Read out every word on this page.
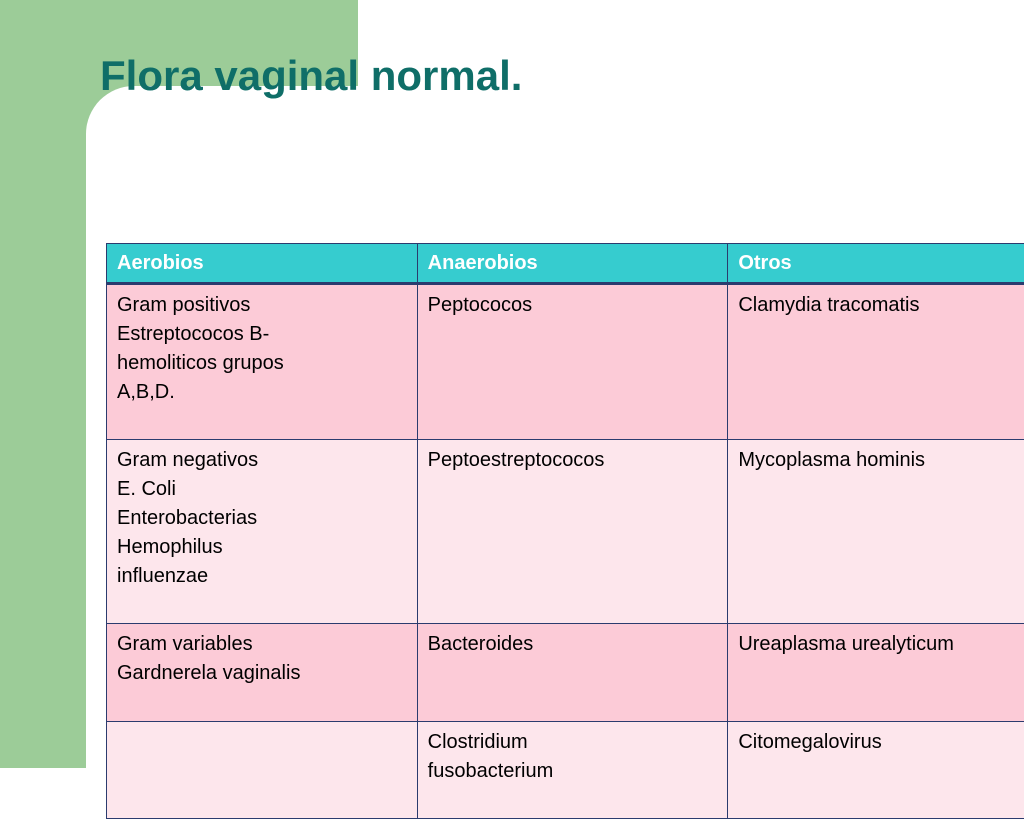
Aerobios	Anaerobios	Otros

Gram positivos
Estreptococos B-
hemoliticos grupos
A,B,D.	Peptococos	Clamydia tracomatis

Gram negativos
E. Coli
Enterobacterias
Hemophilus
influenzae	Peptoestreptococos	Mycoplasma hominis

Gram variables
Gardnerela vaginalis	Bacteroides	Ureaplasma urealyticum

	Clostridium
fusobacterium	Citomegalovirus
Flora vaginal normal.
